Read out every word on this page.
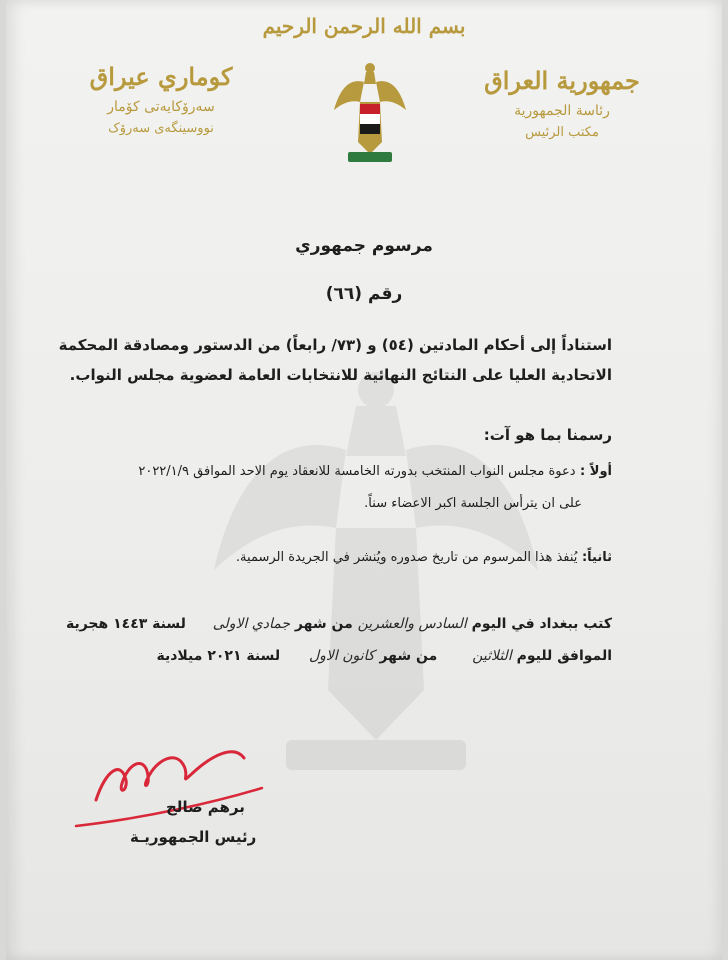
بسم الله الرحمن الرحيم
جمهورية العراق
رئاسة الجمهورية
مكتب الرئيس
كوماري عيراق
سەرۆکایەتی کۆمار
نووسینگەی سەرۆک
مرسوم جمهوري
رقم (٦٦)
استناداً إلى أحكام المادتين (٥٤) و (٧٣/ رابعاً) من الدستور ومصادقة المحكمة
الاتحادية العليا على النتائج النهائية للانتخابات العامة لعضوية مجلس النواب.
رسمنا بما هو آت:
أولاً : دعوة مجلس النواب المنتخب بدورته الخامسة للانعقاد يوم الاحد الموافق ٢٠٢٢/١/٩
على ان يترأس الجلسة اكبر الاعضاء سناً.
ثانياً: يُنفذ هذا المرسوم من تاريخ صدوره ويُنشر في الجريدة الرسمية.
كتب ببغداد في اليوم السادس والعشرين من شهر جمادي الاولى لسنة ١٤٤٣ هجرية
الموافق لليوم الثلاثين من شهر كانون الاول لسنة ٢٠٢١ ميلادية
برهم صالح
رئيس الجمهوريـة
